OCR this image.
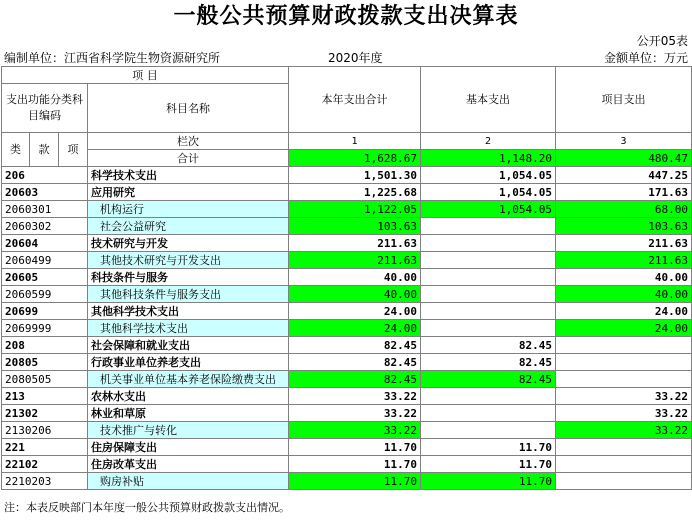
一般公共预算财政拨款支出决算表
公开05表
编制单位：江西省科学院生物资源研究所	2020年度	金额单位：万元
项 目				本年支出合计	基本支出	项目支出
支出功能分类科目编码			科目名称			

类	款	项	栏次	1	2	3
			合计	1,628.67	1,148.20	480.47
206			科学技术支出	1,501.30	1,054.05	447.25
20603			应用研究	1,225.68	1,054.05	171.63
2060301			机构运行	1,122.05	1,054.05	68.00
2060302			社会公益研究	103.63		103.63
20604			技术研究与开发	211.63		211.63
2060499			其他技术研究与开发支出	211.63		211.63
20605			科技条件与服务	40.00		40.00
2060599			其他科技条件与服务支出	40.00		40.00
20699			其他科学技术支出	24.00		24.00
2069999			其他科学技术支出	24.00		24.00
208			社会保障和就业支出	82.45	82.45	
20805			行政事业单位养老支出	82.45	82.45	
2080505			机关事业单位基本养老保险缴费支出	82.45	82.45	
213			农林水支出	33.22		33.22
21302			林业和草原	33.22		33.22
2130206			技术推广与转化	33.22		33.22
221			住房保障支出	11.70	11.70	
22102			住房改革支出	11.70	11.70	
2210203			购房补贴	11.70	11.70	
注：本表反映部门本年度一般公共预算财政拨款支出情况。
